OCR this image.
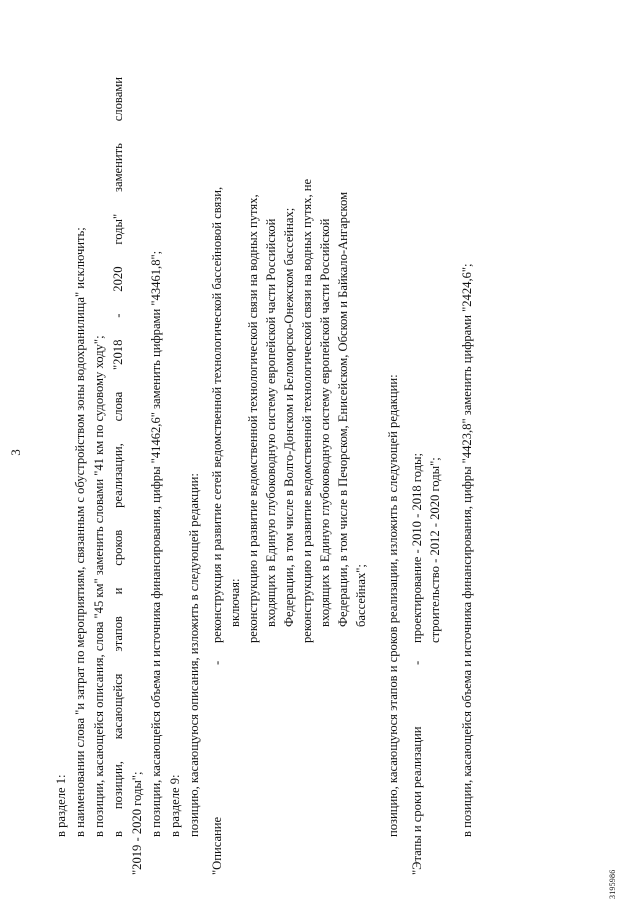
3
в разделе 1: в наименовании слова "и затрат по мероприятиям, связанным с обустройством зоны водохранилища" исключить; в позиции, касающейся описания, слова "45 км" заменить словами "41 км по судовому ходу"; в позиции, касающейся этапов и сроков реализации, слова "2018 - 2020 годы" заменить словами "2019 - 2020 годы"; в позиции, касающейся объема и источника финансирования, цифры "41462,6" заменить цифрами "43461,8"; в разделе 9: позицию, касающуюся описания, изложить в следующей редакции:
"Описание
-
реконструкция и развитие сетей ведомственной технологической бассейновой связи, включая: реконструкцию и развитие ведомственной технологической связи на водных путях, входящих в Единую глубоководную систему европейской части Российской Федерации, в том числе в Волго-Донском и Беломорско-Онежском бассейнах; реконструкцию и развитие ведомственной технологической связи на водных путях, не входящих в Единую глубоководную систему европейской части Российской Федерации, в том числе в Печорском, Енисейском, Обском и Байкало-Ангарском бассейнах"; позицию, касающуюся этапов и сроков реализации, изложить в следующей редакции: "Этапы и сроки реализации
-
проектирование - 2010 - 2018 годы; строительство - 2012 - 2020 годы"; в позиции, касающейся объема и источника финансирования, цифры "4423,8" заменить цифрами "2424,6";
3195986
